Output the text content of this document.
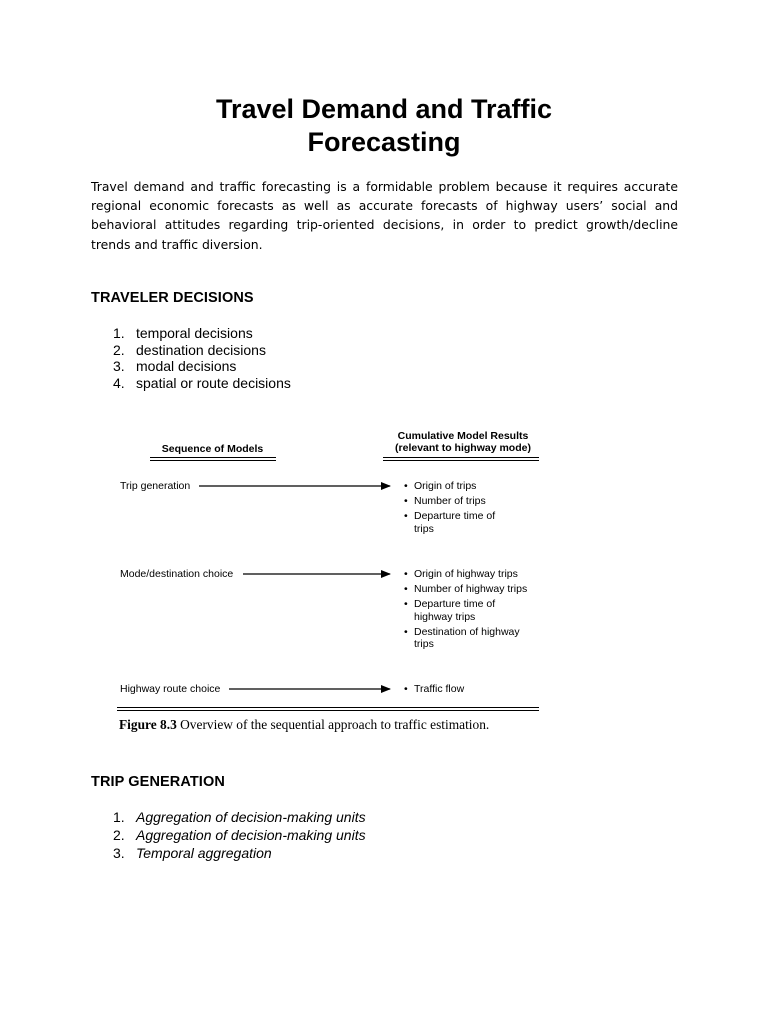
Travel Demand and Traffic
Forecasting

Travel demand and traffic forecasting is a formidable problem because it requires accurate regional economic forecasts as well as accurate forecasts of highway users’ social and behavioral attitudes regarding trip-oriented decisions, in order to predict growth/decline trends and traffic diversion.

TRAVELER DECISIONS
1. temporal decisions
2. destination decisions
3. modal decisions
4. spatial or route decisions
Sequence of Models
Cumulative Model Results
(relevant to highway mode)
Trip generation
Mode/destination choice
Highway route choice
• Origin of trips
• Number of trips
• Departure time of trips
• Origin of highway trips
• Number of highway trips
• Departure time of highway trips
• Destination of highway trips
• Traffic flow
Figure 8.3 Overview of the sequential approach to traffic estimation.
TRIP GENERATION
1. Aggregation of decision-making units
2. Aggregation of decision-making units
3. Temporal aggregation
